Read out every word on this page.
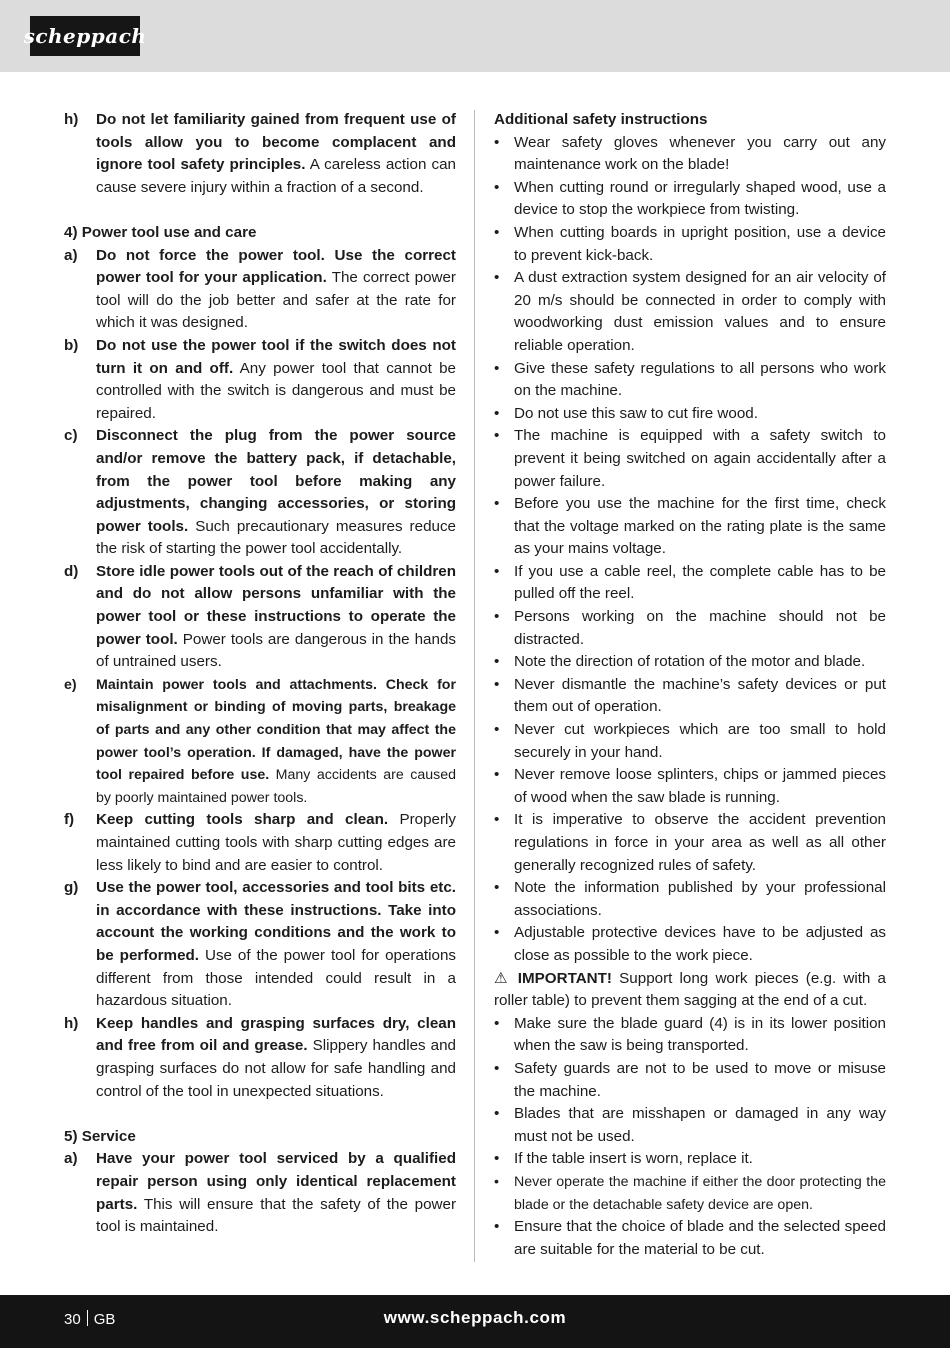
scheppach
h) Do not let familiarity gained from frequent use of tools allow you to become complacent and ignore tool safety principles. A careless action can cause severe injury within a fraction of a second.
4) Power tool use and care
a) Do not force the power tool. Use the correct power tool for your application. The correct power tool will do the job better and safer at the rate for which it was designed.
b) Do not use the power tool if the switch does not turn it on and off. Any power tool that cannot be controlled with the switch is dangerous and must be repaired.
c) Disconnect the plug from the power source and/or remove the battery pack, if detachable, from the power tool before making any adjustments, changing accessories, or storing power tools. Such precautionary measures reduce the risk of starting the power tool accidentally.
d) Store idle power tools out of the reach of children and do not allow persons unfamiliar with the power tool or these instructions to operate the power tool. Power tools are dangerous in the hands of untrained users.
e) Maintain power tools and attachments. Check for misalignment or binding of moving parts, breakage of parts and any other condition that may affect the power tool’s operation. If damaged, have the power tool repaired before use. Many accidents are caused by poorly maintained power tools.
f) Keep cutting tools sharp and clean. Properly maintained cutting tools with sharp cutting edges are less likely to bind and are easier to control.
g) Use the power tool, accessories and tool bits etc. in accordance with these instructions. Take into account the working conditions and the work to be performed. Use of the power tool for operations different from those intended could result in a hazardous situation.
h) Keep handles and grasping surfaces dry, clean and free from oil and grease. Slippery handles and grasping surfaces do not allow for safe handling and control of the tool in unexpected situations.
5) Service
a) Have your power tool serviced by a qualified repair person using only identical replacement parts. This will ensure that the safety of the power tool is maintained.
Additional safety instructions
• Wear safety gloves whenever you carry out any maintenance work on the blade!
• When cutting round or irregularly shaped wood, use a device to stop the workpiece from twisting.
• When cutting boards in upright position, use a device to prevent kick-back.
• A dust extraction system designed for an air velocity of 20 m/s should be connected in order to comply with woodworking dust emission values and to ensure reliable operation.
• Give these safety regulations to all persons who work on the machine.
• Do not use this saw to cut fire wood.
• The machine is equipped with a safety switch to prevent it being switched on again accidentally after a power failure.
• Before you use the machine for the first time, check that the voltage marked on the rating plate is the same as your mains voltage.
• If you use a cable reel, the complete cable has to be pulled off the reel.
• Persons working on the machine should not be distracted.
• Note the direction of rotation of the motor and blade.
• Never dismantle the machine’s safety devices or put them out of operation.
• Never cut workpieces which are too small to hold securely in your hand.
• Never remove loose splinters, chips or jammed pieces of wood when the saw blade is running.
• It is imperative to observe the accident prevention regulations in force in your area as well as all other generally recognized rules of safety.
• Note the information published by your professional associations.
• Adjustable protective devices have to be adjusted as close as possible to the work piece.
⚠ IMPORTANT! Support long work pieces (e.g. with a roller table) to prevent them sagging at the end of a cut.
• Make sure the blade guard (4) is in its lower position when the saw is being transported.
• Safety guards are not to be used to move or misuse the machine.
• Blades that are misshapen or damaged in any way must not be used.
• If the table insert is worn, replace it.
• Never operate the machine if either the door protecting the blade or the detachable safety device are open.
• Ensure that the choice of blade and the selected speed are suitable for the material to be cut.
30 GB	www.scheppach.com
